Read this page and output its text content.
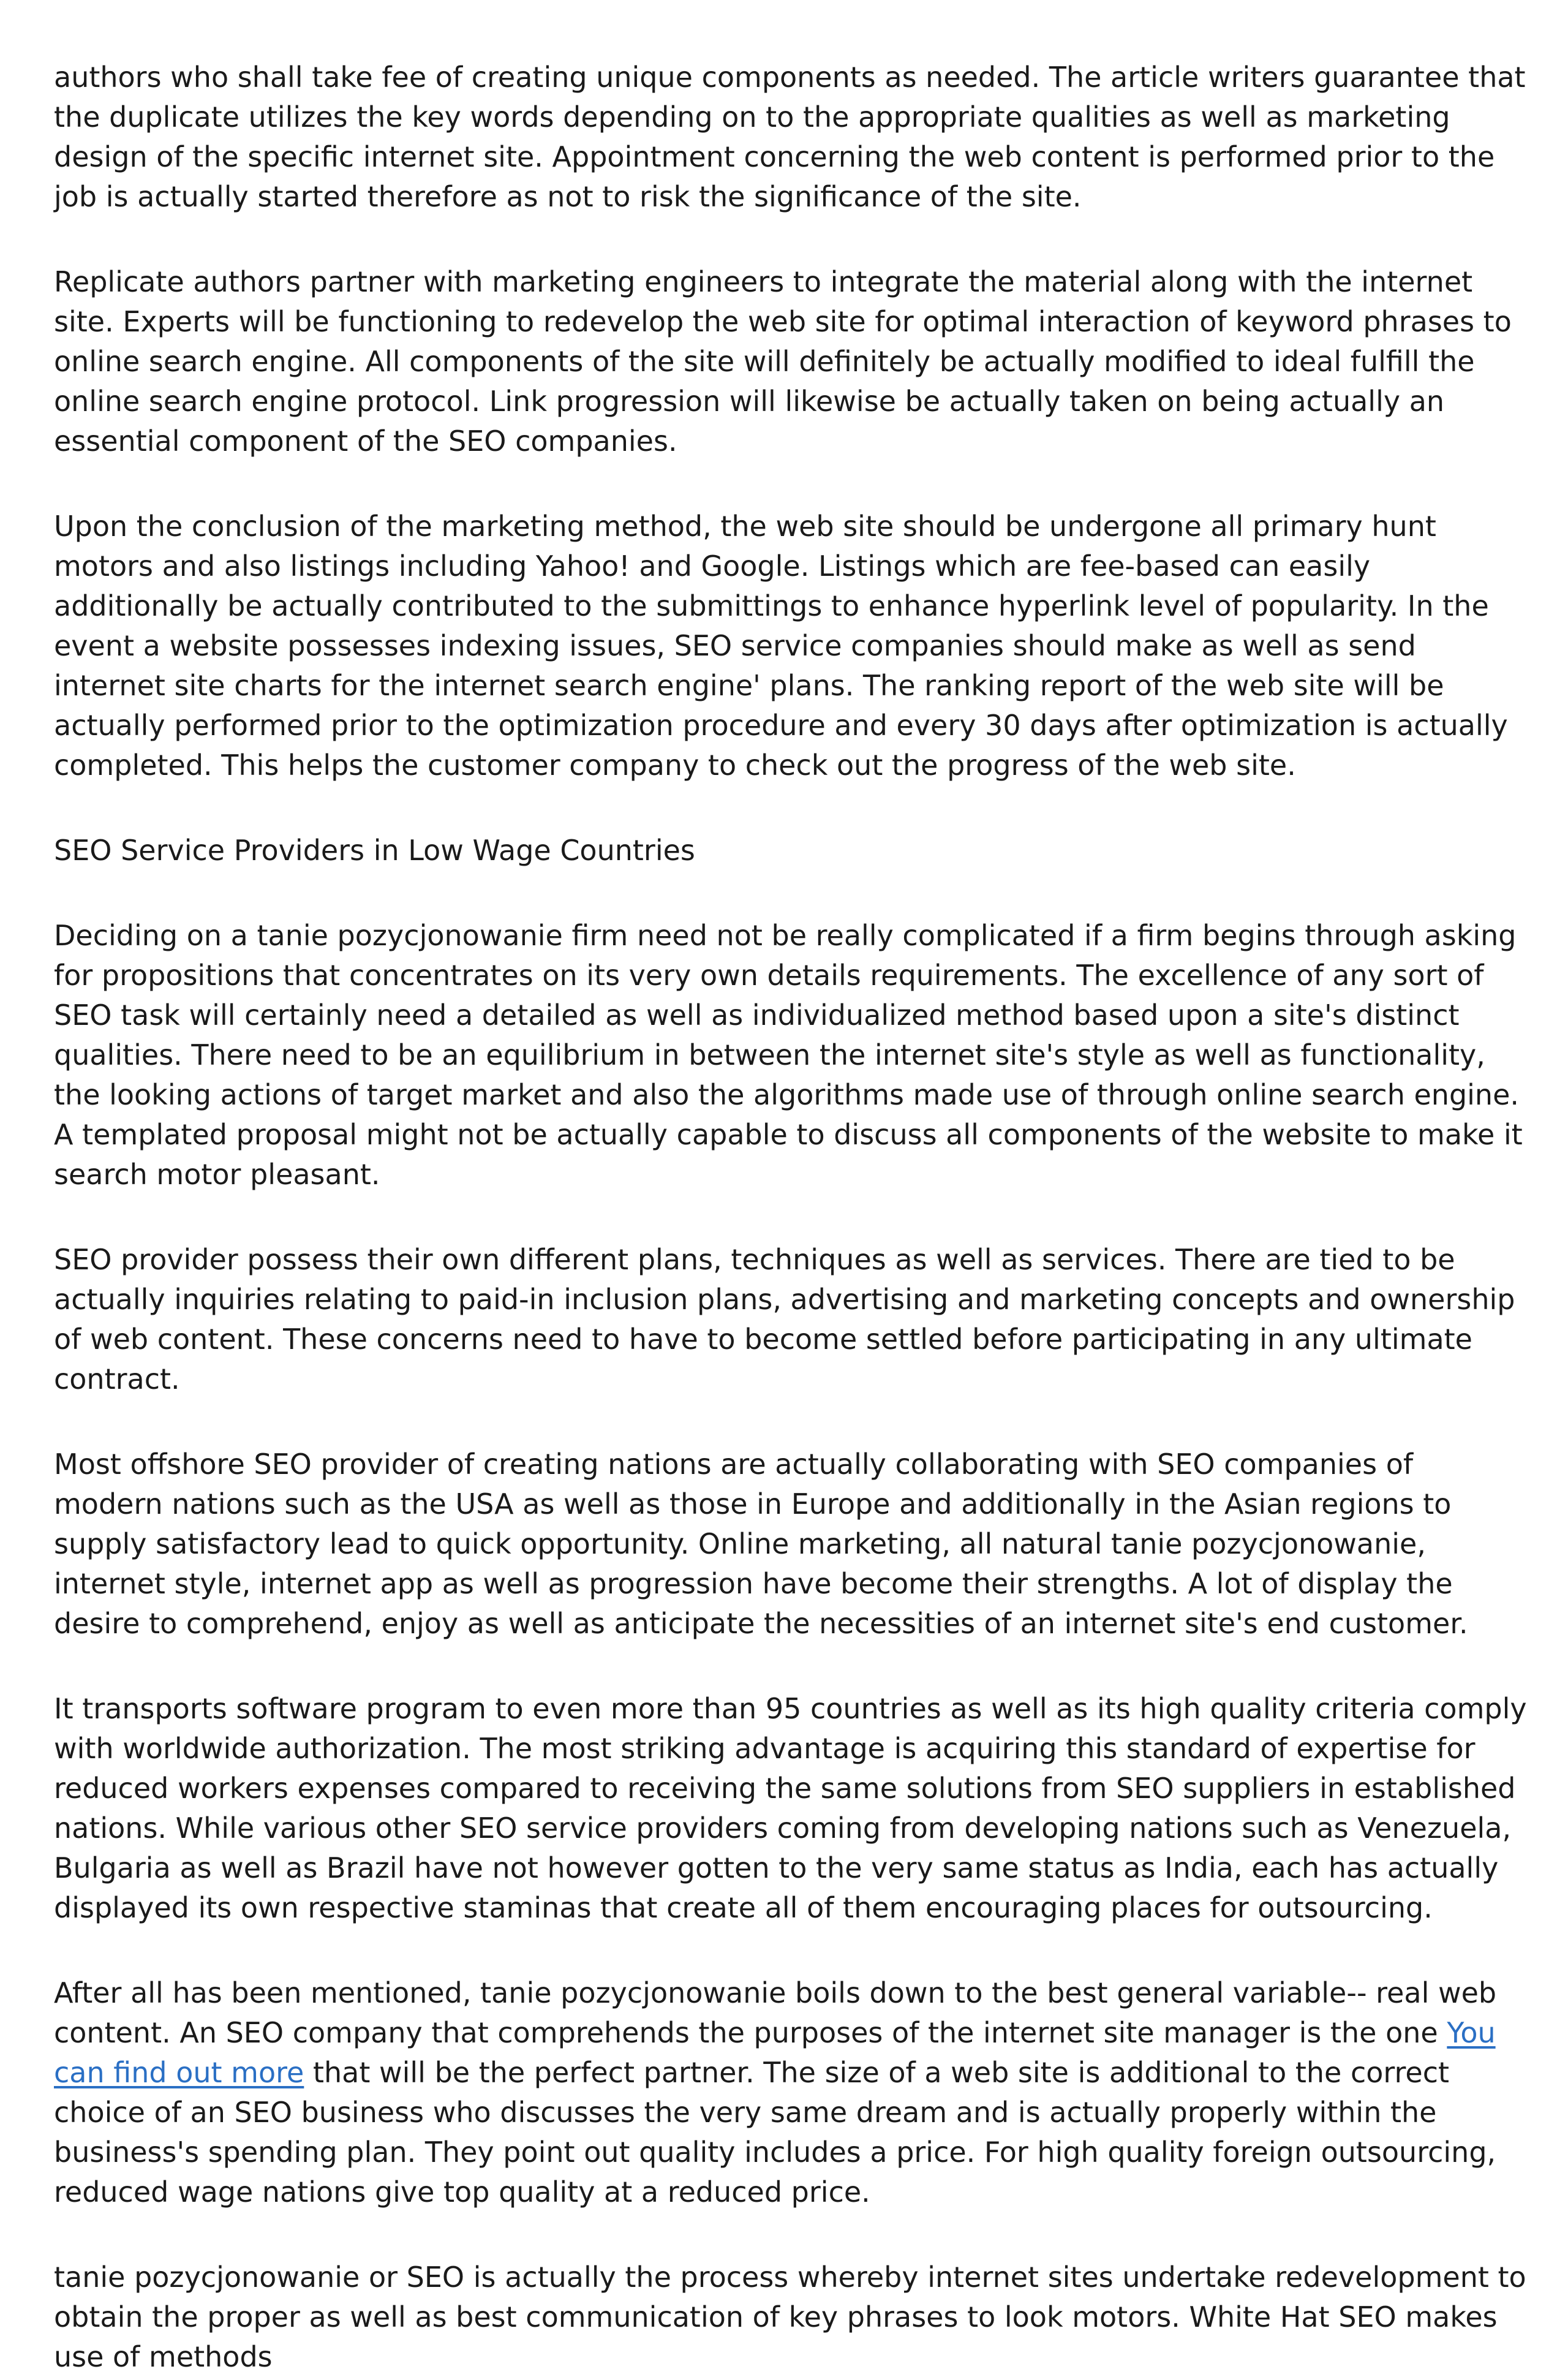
authors who shall take fee of creating unique components as needed. The article writers guarantee that the duplicate utilizes the key words depending on to the appropriate qualities as well as marketing design of the specific internet site. Appointment concerning the web content is performed prior to the job is actually started therefore as not to risk the significance of the site.

Replicate authors partner with marketing engineers to integrate the material along with the internet site. Experts will be functioning to redevelop the web site for optimal interaction of keyword phrases to online search engine. All components of the site will definitely be actually modified to ideal fulfill the online search engine protocol. Link progression will likewise be actually taken on being actually an essential component of the SEO companies.

Upon the conclusion of the marketing method, the web site should be undergone all primary hunt motors and also listings including Yahoo! and Google. Listings which are fee-based can easily additionally be actually contributed to the submittings to enhance hyperlink level of popularity. In the event a website possesses indexing issues, SEO service companies should make as well as send internet site charts for the internet search engine' plans. The ranking report of the web site will be actually performed prior to the optimization procedure and every 30 days after optimization is actually completed. This helps the customer company to check out the progress of the web site.

SEO Service Providers in Low Wage Countries

Deciding on a tanie pozycjonowanie firm need not be really complicated if a firm begins through asking for propositions that concentrates on its very own details requirements. The excellence of any sort of SEO task will certainly need a detailed as well as individualized method based upon a site's distinct qualities. There need to be an equilibrium in between the internet site's style as well as functionality, the looking actions of target market and also the algorithms made use of through online search engine. A templated proposal might not be actually capable to discuss all components of the website to make it search motor pleasant.

SEO provider possess their own different plans, techniques as well as services. There are tied to be actually inquiries relating to paid-in inclusion plans, advertising and marketing concepts and ownership of web content. These concerns need to have to become settled before participating in any ultimate contract.

Most offshore SEO provider of creating nations are actually collaborating with SEO companies of modern nations such as the USA as well as those in Europe and additionally in the Asian regions to supply satisfactory lead to quick opportunity. Online marketing, all natural tanie pozycjonowanie, internet style, internet app as well as progression have become their strengths. A lot of display the desire to comprehend, enjoy as well as anticipate the necessities of an internet site's end customer.

It transports software program to even more than 95 countries as well as its high quality criteria comply with worldwide authorization. The most striking advantage is acquiring this standard of expertise for reduced workers expenses compared to receiving the same solutions from SEO suppliers in established nations. While various other SEO service providers coming from developing nations such as Venezuela, Bulgaria as well as Brazil have not however gotten to the very same status as India, each has actually displayed its own respective staminas that create all of them encouraging places for outsourcing.

After all has been mentioned, tanie pozycjonowanie boils down to the best general variable-- real web content. An SEO company that comprehends the purposes of the internet site manager is the one You can find out more that will be the perfect partner. The size of a web site is additional to the correct choice of an SEO business who discusses the very same dream and is actually properly within the business's spending plan. They point out quality includes a price. For high quality foreign outsourcing, reduced wage nations give top quality at a reduced price.

tanie pozycjonowanie or SEO is actually the process whereby internet sites undertake redevelopment to obtain the proper as well as best communication of key phrases to look motors. White Hat SEO makes use of methods
